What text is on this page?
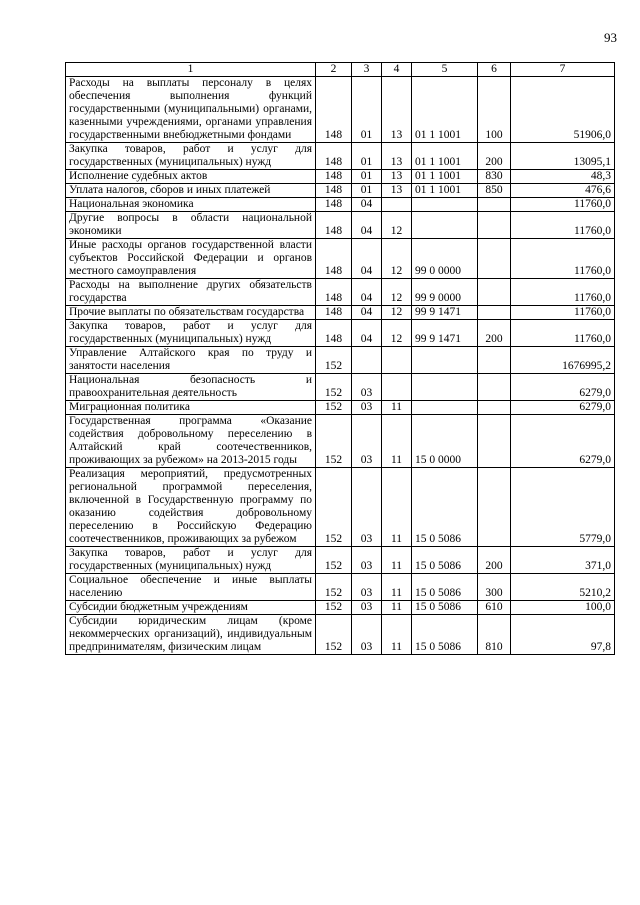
93
1	2	3	4	5	6	7
Расходы на выплаты персоналу в целях обеспечения выполнения функций государственными (муниципальными) органами, казенными учреждениями, органами управления государственными внебюджетными фондами	148	01	13	01 1 1001	100	51906,0
Закупка товаров, работ и услуг для государственных (муниципальных) нужд	148	01	13	01 1 1001	200	13095,1
Исполнение судебных актов	148	01	13	01 1 1001	830	48,3
Уплата налогов, сборов и иных платежей	148	01	13	01 1 1001	850	476,6
Национальная экономика	148	04				11760,0
Другие вопросы в области национальной экономики	148	04	12			11760,0
Иные расходы органов государственной власти субъектов Российской Федерации и органов местного самоуправления	148	04	12	99 0 0000		11760,0
Расходы на выполнение других обязательств государства	148	04	12	99 9 0000		11760,0
Прочие выплаты по обязательствам государства	148	04	12	99 9 1471		11760,0
Закупка товаров, работ и услуг для государственных (муниципальных) нужд	148	04	12	99 9 1471	200	11760,0
Управление Алтайского края по труду и занятости населения	152					1676995,2
Национальная безопасность и правоохранительная деятельность	152	03				6279,0
Миграционная политика	152	03	11			6279,0
Государственная программа «Оказание содействия добровольному переселению в Алтайский край соотечественников, проживающих за рубежом» на 2013-2015 годы	152	03	11	15 0 0000		6279,0
Реализация мероприятий, предусмотренных региональной программой переселения, включенной в Государственную программу по оказанию содействия добровольному переселению в Российскую Федерацию соотечественников, проживающих за рубежом	152	03	11	15 0 5086		5779,0
Закупка товаров, работ и услуг для государственных (муниципальных) нужд	152	03	11	15 0 5086	200	371,0
Социальное обеспечение и иные выплаты населению	152	03	11	15 0 5086	300	5210,2
Субсидии бюджетным учреждениям	152	03	11	15 0 5086	610	100,0
Субсидии юридическим лицам (кроме некоммерческих организаций), индивидуальным предпринимателям, физическим лицам	152	03	11	15 0 5086	810	97,8
